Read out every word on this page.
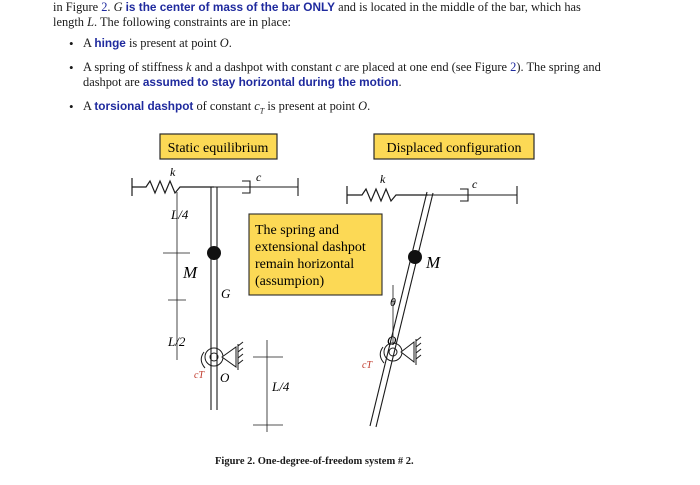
in Figure 2. G is the center of mass of the bar ONLY and is located in the middle of the bar, which has
length L. The following constraints are in place:
• A hinge is present at point O.
• A spring of stiffness k and a dashpot with constant c are placed at one end (see Figure 2). The spring and dashpot are assumed to stay horizontal during the motion.
• A torsional dashpot of constant $c_T$ is present at point O.
Static equilibrium
k	c
L/4
L/2
M
G
cT O
L/4
The spring and
extensional dashpot
remain horizontal
(assumpion)
Displaced configuration
k	c
θ
M
O
cT
Figure 2. One-degree-of-freedom system # 2.
